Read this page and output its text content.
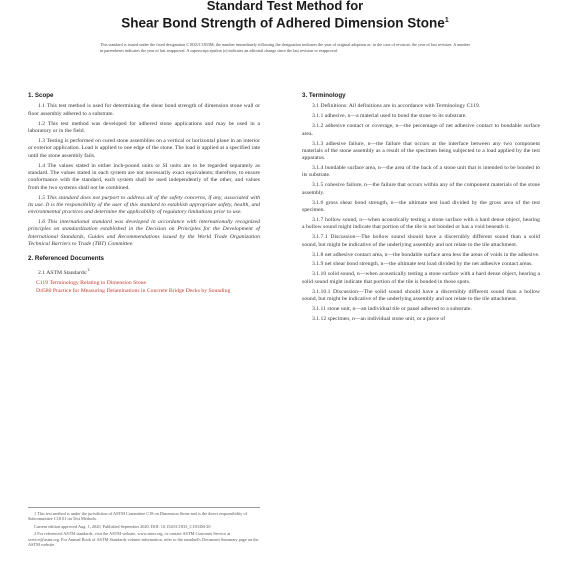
Standard Test Method for
Shear Bond Strength of Adhered Dimension Stone$^1$
This standard is issued under the fixed designation C1833/C1833M; the number immediately following the designation indicates the year of original adoption or, in the case of revision, the year of last revision. A number in parentheses indicates the year of last reapproval. A superscript epsilon (ε) indicates an editorial change since the last revision or reapproval.
1. Scope
1.1 This test method is used for determining the shear bond strength of dimension stone wall or floor assembly adhered to a substrate.
1.2 This test method was developed for adhered stone applications and may be used in a laboratory or in the field.
1.3 Testing is performed on cured stone assemblies on a vertical or horizontal plane in an interior or exterior application. Load is applied to one edge of the stone. The load is applied at a specified rate until the stone assembly fails.
1.4 The values stated in either inch-pound units or SI units are to be regarded separately as standard. The values stated in each system are not necessarily exact equivalents; therefore, to ensure conformance with the standard, each system shall be used independently of the other, and values from the two systems shall not be combined.
1.5 This standard does not purport to address all of the safety concerns, if any, associated with its use. It is the responsibility of the user of this standard to establish appropriate safety, health, and environmental practices and determine the applicability of regulatory limitations prior to use.
1.6 This international standard was developed in accordance with internationally recognized principles on standardization established in the Decision on Principles for the Development of International Standards, Guides and Recommendations issued by the World Trade Organization Technical Barriers to Trade (TBT) Committee.
2. Referenced Documents
2.1 ASTM Standards:$^2$
C119 Terminology Relating to Dimension Stone
D4580 Practice for Measuring Delaminations in Concrete Bridge Decks by Sounding

1 This test method is under the jurisdiction of ASTM Committee C18 on Dimension Stone and is the direct responsibility of Subcommittee C18.01 on Test Methods.

Current edition approved Aug. 1, 2020. Published September 2020. DOI: 10.1520/C1833_C1833M-20

2 For referenced ASTM standards, visit the ASTM website, www.astm.org, or contact ASTM Customer Service at service@astm.org. For Annual Book of ASTM Standards volume information, refer to the standard's Document Summary page on the ASTM website.

3. Terminology
3.1 Definitions: All definitions are in accordance with Terminology C119.
3.1.1 adhesive, n—a material used to bond the stone to its substrate.
3.1.2 adhesive contact or coverage, n—the percentage of net adhesive contact to bondable surface area.
3.1.3 adhesive failure, n—the failure that occurs at the interface between any two component materials of the stone assembly as a result of the specimen being subjected to a load applied by the test apparatus.
3.1.4 bondable surface area, n—the area of the back of a stone unit that is intended to be bonded to its substrate.
3.1.5 cohesive failure, n—the failure that occurs within any of the component materials of the stone assembly.
3.1.6 gross shear bond strength, n—the ultimate test load divided by the gross area of the test specimen.
3.1.7 hollow sound, n—when acoustically testing a stone surface with a hard dense object, hearing a hollow sound might indicate that portion of the tile is not bonded or has a void beneath it.
3.1.7.1 Discussion—The hollow sound should have a discernibly different sound than a solid sound, but might be indicative of the underlying assembly and not relate to the tile attachment.
3.1.8 net adhesive contact area, n—the bondable surface area less the areas of voids in the adhesive.
3.1.9 net shear bond strength, n—the ultimate test load divided by the net adhesive contact areas.
3.1.10 solid sound, n—when acoustically testing a stone surface with a hard dense object, hearing a solid sound might indicate that portion of the tile is bonded in those spots.
3.1.10.1 Discussion—The solid sound should have a discernibly different sound than a hollow sound, but might be indicative of the underlying assembly and not relate to the tile attachment.
3.1.11 stone unit, n—an individual tile or panel adhered to a substrate.
3.1.12 specimen, n—an individual stone unit, or a piece of
